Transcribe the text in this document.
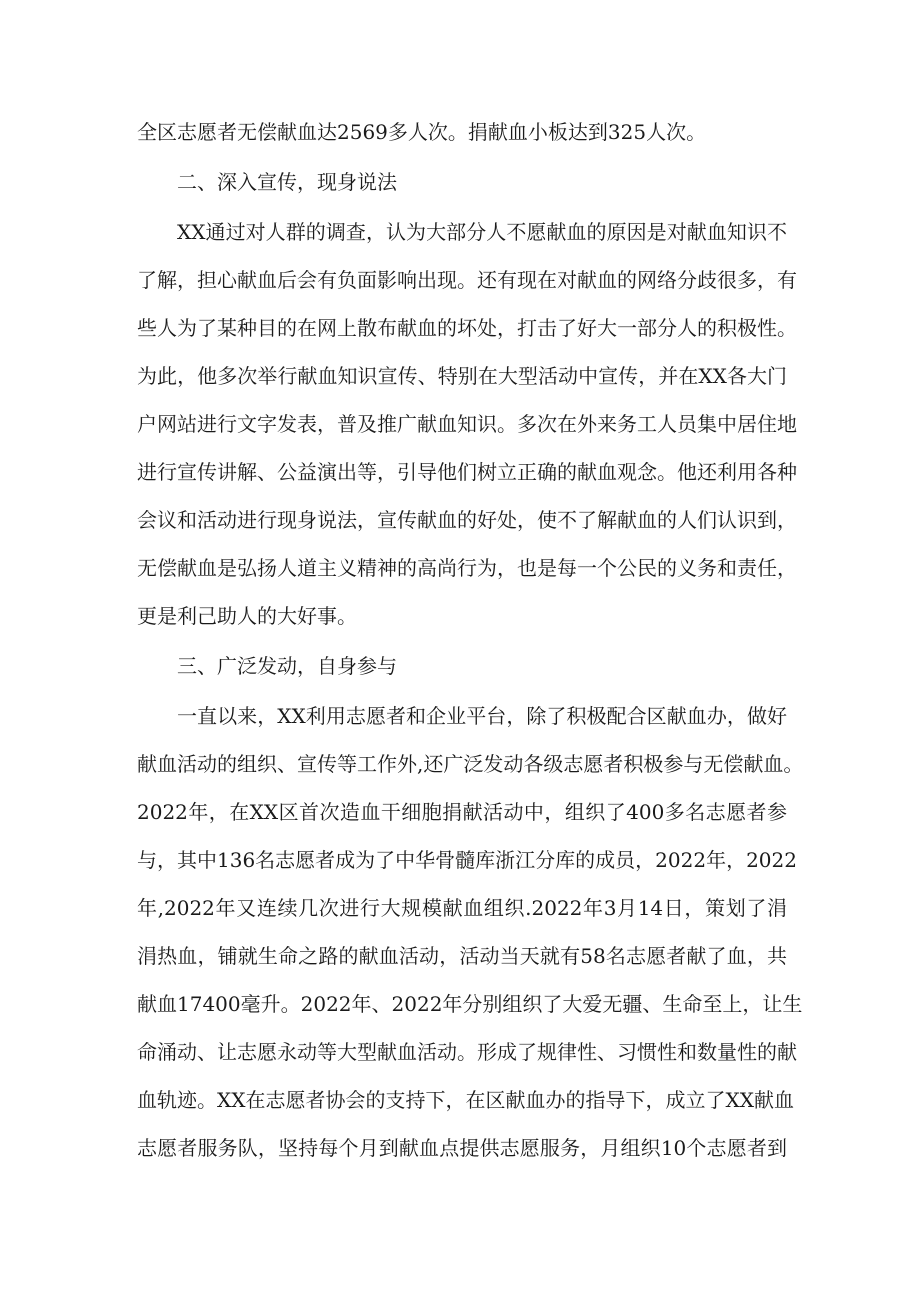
全区志愿者无偿献血达2569多人次。捐献血小板达到325人次。
二、深入宣传，现身说法
XX通过对人群的调查，认为大部分人不愿献血的原因是对献血知识不
了解，担心献血后会有负面影响出现。还有现在对献血的网络分歧很多，有
些人为了某种目的在网上散布献血的坏处，打击了好大一部分人的积极性。
为此，他多次举行献血知识宣传、特别在大型活动中宣传，并在XX各大门
户网站进行文字发表，普及推广献血知识。多次在外来务工人员集中居住地
进行宣传讲解、公益演出等，引导他们树立正确的献血观念。他还利用各种
会议和活动进行现身说法，宣传献血的好处，使不了解献血的人们认识到，
无偿献血是弘扬人道主义精神的高尚行为，也是每一个公民的义务和责任，
更是利己助人的大好事。
三、广泛发动，自身参与
一直以来，XX利用志愿者和企业平台，除了积极配合区献血办，做好
献血活动的组织、宣传等工作外,还广泛发动各级志愿者积极参与无偿献血。
2022年，在XX区首次造血干细胞捐献活动中，组织了400多名志愿者参
与，其中136名志愿者成为了中华骨髓库浙江分库的成员，2022年，2022
年,2022年又连续几次进行大规模献血组织.2022年3月14日，策划了涓
涓热血，铺就生命之路的献血活动，活动当天就有58名志愿者献了血，共
献血17400毫升。2022年、2022年分别组织了大爱无疆、生命至上，让生
命涌动、让志愿永动等大型献血活动。形成了规律性、习惯性和数量性的献
血轨迹。XX在志愿者协会的支持下，在区献血办的指导下，成立了XX献血
志愿者服务队，坚持每个月到献血点提供志愿服务，月组织10个志愿者到
